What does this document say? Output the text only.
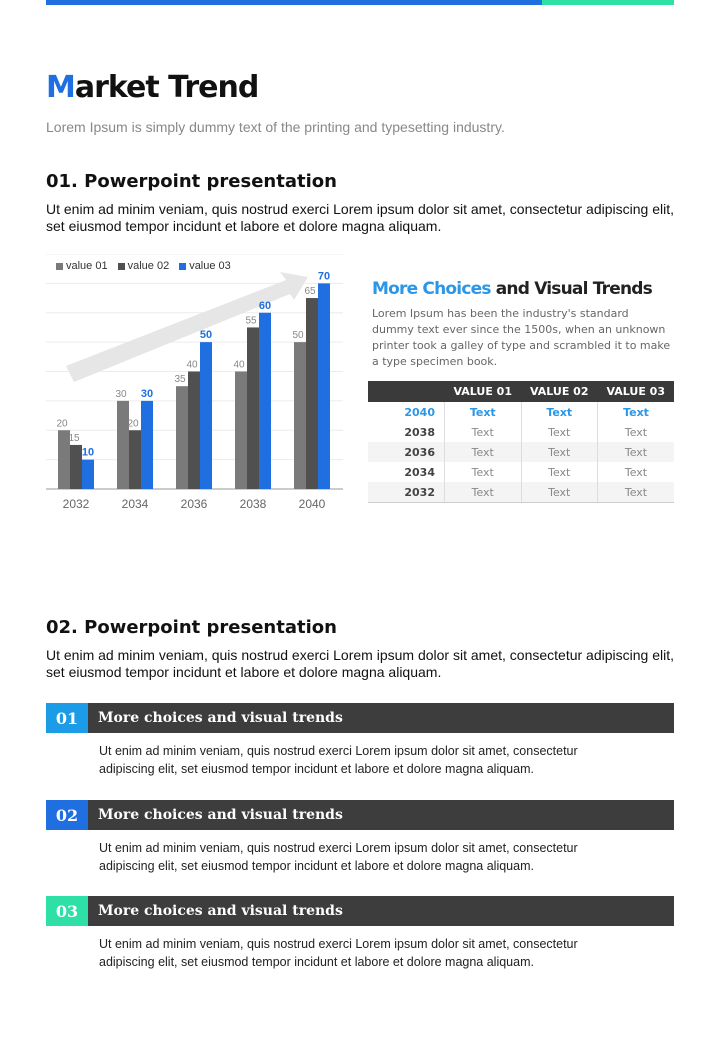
Market Trend
Lorem Ipsum is simply dummy text of the printing and typesetting industry.
01. Powerpoint presentation
Ut enim ad minim veniam, quis nostrud exerci Lorem ipsum dolor sit amet, consectetur adipiscing elit, set eiusmod tempor incidunt et labore et dolore magna aliquam.
value 01 value 02 value 03
20
15
10
2032
30
20
30
2034
35
40
50
2036
40
55
60
2038
50
65
70
2040
More Choices and Visual Trends
Lorem Ipsum has been the industry's standard dummy text ever since the 1500s, when an unknown printer took a galley of type and scrambled it to make a type specimen book.
	VALUE 01	VALUE 02	VALUE 03
2040	Text	Text	Text
2038	Text	Text	Text
2036	Text	Text	Text
2034	Text	Text	Text
2032	Text	Text	Text
02. Powerpoint presentation
Ut enim ad minim veniam, quis nostrud exerci Lorem ipsum dolor sit amet, consectetur adipiscing elit, set eiusmod tempor incidunt et labore et dolore magna aliquam.
01	More choices and visual trends
Ut enim ad minim veniam, quis nostrud exerci Lorem ipsum dolor sit amet, consectetur adipiscing elit, set eiusmod tempor incidunt et labore et dolore magna aliquam.
02	More choices and visual trends
Ut enim ad minim veniam, quis nostrud exerci Lorem ipsum dolor sit amet, consectetur adipiscing elit, set eiusmod tempor incidunt et labore et dolore magna aliquam.
03	More choices and visual trends
Ut enim ad minim veniam, quis nostrud exerci Lorem ipsum dolor sit amet, consectetur adipiscing elit, set eiusmod tempor incidunt et labore et dolore magna aliquam.
